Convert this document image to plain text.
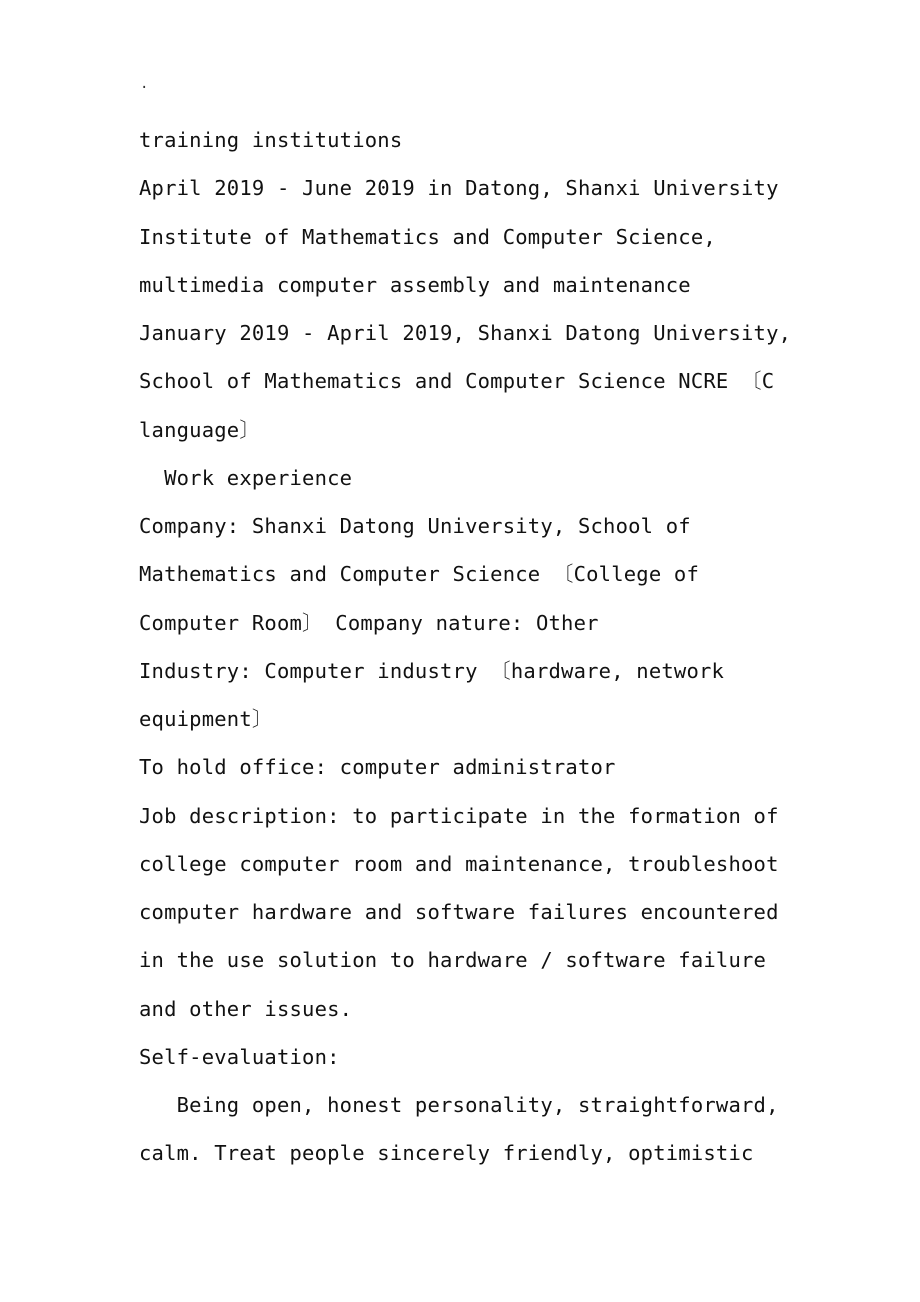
.

training institutions

April 2019 - June 2019 in Datong, Shanxi University

Institute of Mathematics and Computer Science,

multimedia computer assembly and maintenance

January 2019 - April 2019, Shanxi Datong University,

School of Mathematics and Computer Science NCRE 〔C

language〕

Work experience

Company: Shanxi Datong University, School of

Mathematics and Computer Science 〔College of

Computer Room〕 Company nature: Other

Industry: Computer industry 〔hardware, network

equipment〕

To hold office: computer administrator

Job description: to participate in the formation of

college computer room and maintenance, troubleshoot

computer hardware and software failures encountered

in the use solution to hardware / software failure

and other issues.

Self-evaluation:

Being open, honest personality, straightforward,

calm. Treat people sincerely friendly, optimistic
